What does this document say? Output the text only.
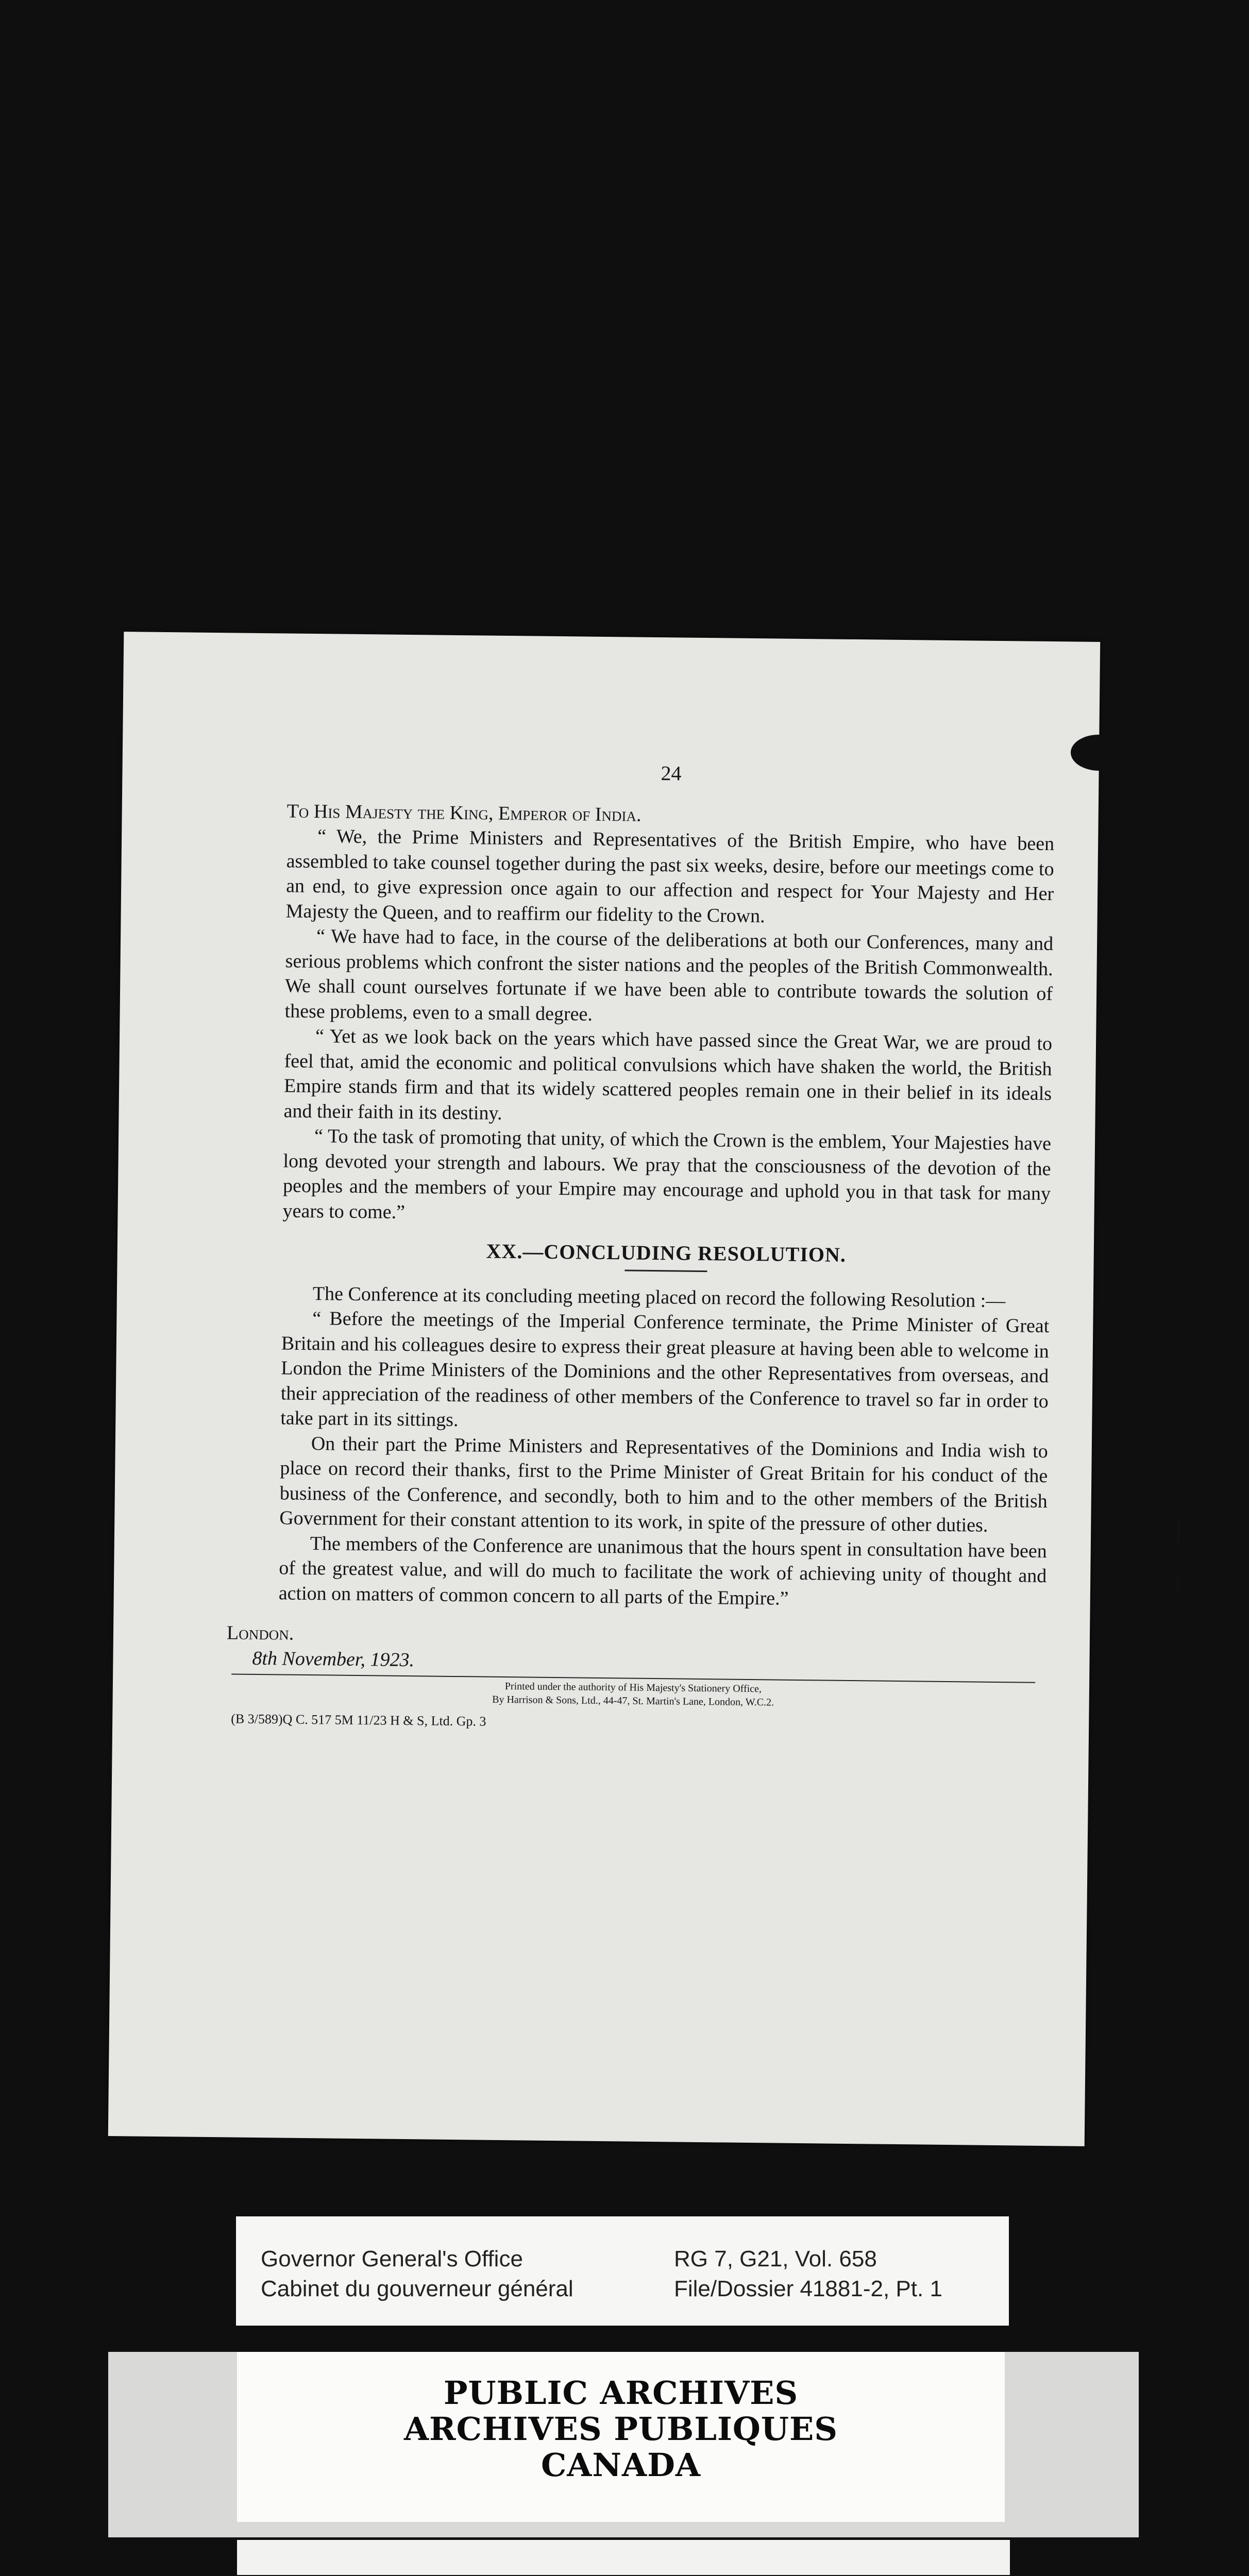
24

To His Majesty the King, Emperor of India.

“ We, the Prime Ministers and Representatives of the British Empire, who have been assembled to take counsel together during the past six weeks, desire, before our meetings come to an end, to give expression once again to our affection and respect for Your Majesty and Her Majesty the Queen, and to reaffirm our fidelity to the Crown.

“ We have had to face, in the course of the deliberations at both our Conferences, many and serious problems which confront the sister nations and the peoples of the British Commonwealth. We shall count ourselves fortunate if we have been able to contribute towards the solution of these problems, even to a small degree.

“ Yet as we look back on the years which have passed since the Great War, we are proud to feel that, amid the economic and political convulsions which have shaken the world, the British Empire stands firm and that its widely scattered peoples remain one in their belief in its ideals and their faith in its destiny.

“ To the task of promoting that unity, of which the Crown is the emblem, Your Majesties have long devoted your strength and labours. We pray that the consciousness of the devotion of the peoples and the members of your Empire may encourage and uphold you in that task for many years to come.”

XX.—CONCLUDING RESOLUTION.

The Conference at its concluding meeting placed on record the following Resolution :—

“ Before the meetings of the Imperial Conference terminate, the Prime Minister of Great Britain and his colleagues desire to express their great pleasure at having been able to welcome in London the Prime Ministers of the Dominions and the other Representatives from overseas, and their appreciation of the readiness of other members of the Conference to travel so far in order to take part in its sittings.

On their part the Prime Ministers and Representatives of the Dominions and India wish to place on record their thanks, first to the Prime Minister of Great Britain for his conduct of the business of the Conference, and secondly, both to him and to the other members of the British Government for their constant attention to its work, in spite of the pressure of other duties.

The members of the Conference are unanimous that the hours spent in consultation have been of the greatest value, and will do much to facilitate the work of achieving unity of thought and action on matters of common concern to all parts of the Empire.”

London.

8th November, 1923.

Printed under the authority of His Majesty's Stationery Office,
By Harrison & Sons, Ltd., 44-47, St. Martin's Lane, London, W.C.2.

(B 3/589)Q C. 517 5M 11/23 H & S, Ltd. Gp. 3

Governor General's Office
Cabinet du gouverneur général
RG 7, G21, Vol. 658
File/Dossier 41881-2, Pt. 1
PUBLIC ARCHIVES
ARCHIVES PUBLIQUES
CANADA
